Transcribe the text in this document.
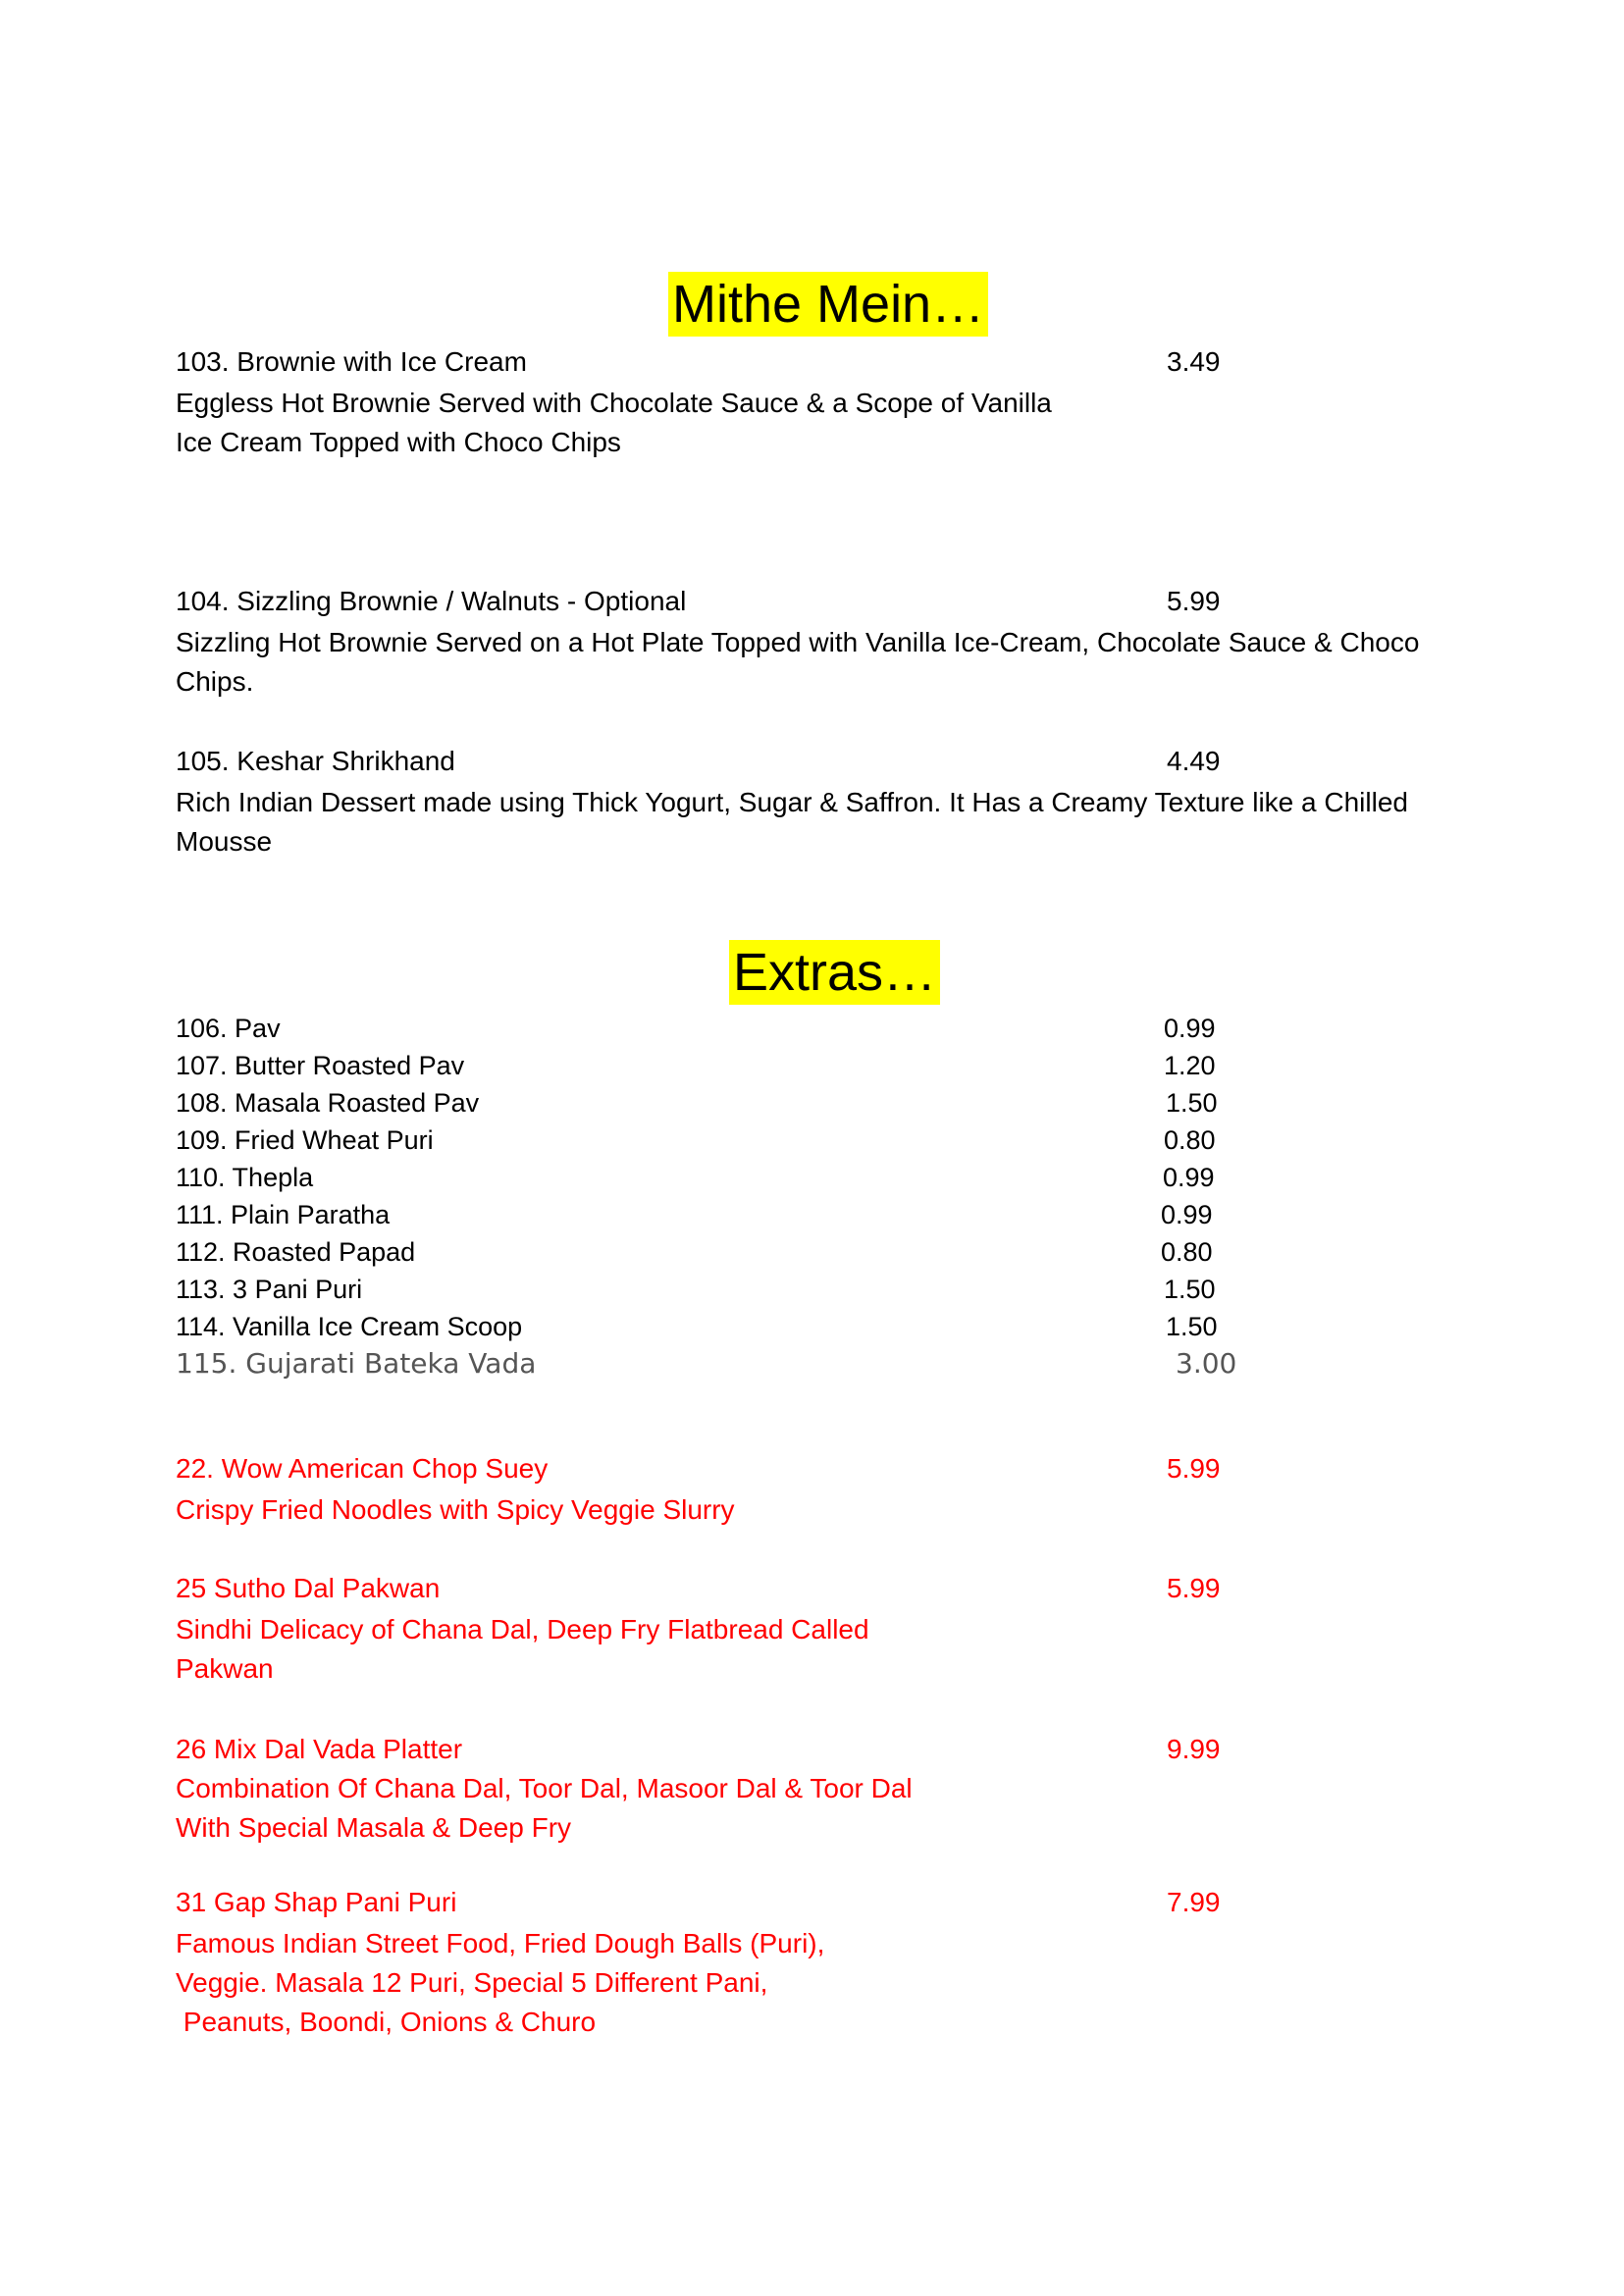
Mithe Mein…
103. Brownie with Ice Cream	3.49
Eggless Hot Brownie Served with Chocolate Sauce & a Scope of Vanilla
Ice Cream Topped with Choco Chips
104. Sizzling Brownie / Walnuts - Optional	5.99
Sizzling Hot Brownie Served on a Hot Plate Topped with Vanilla Ice-Cream, Chocolate Sauce & Choco
Chips.
105. Keshar Shrikhand	4.49
Rich Indian Dessert made using Thick Yogurt, Sugar & Saffron. It Has a Creamy Texture like a Chilled
Mousse
Extras…
106. Pav	0.99
107. Butter Roasted Pav	1.20
108. Masala Roasted Pav	1.50
109. Fried Wheat Puri	0.80
110. Thepla	0.99
111. Plain Paratha	0.99
112. Roasted Papad	0.80
113. 3 Pani Puri	1.50
114. Vanilla Ice Cream Scoop	1.50
115. Gujarati Bateka Vada	3.00
22. Wow American Chop Suey	5.99
Crispy Fried Noodles with Spicy Veggie Slurry
25 Sutho Dal Pakwan	5.99
Sindhi Delicacy of Chana Dal, Deep Fry Flatbread Called
Pakwan
26 Mix Dal Vada Platter	9.99
Combination Of Chana Dal, Toor Dal, Masoor Dal & Toor Dal
With Special Masala & Deep Fry
31 Gap Shap Pani Puri	7.99
Famous Indian Street Food, Fried Dough Balls (Puri),
Veggie. Masala 12 Puri, Special 5 Different Pani,
Peanuts, Boondi, Onions & Churo
